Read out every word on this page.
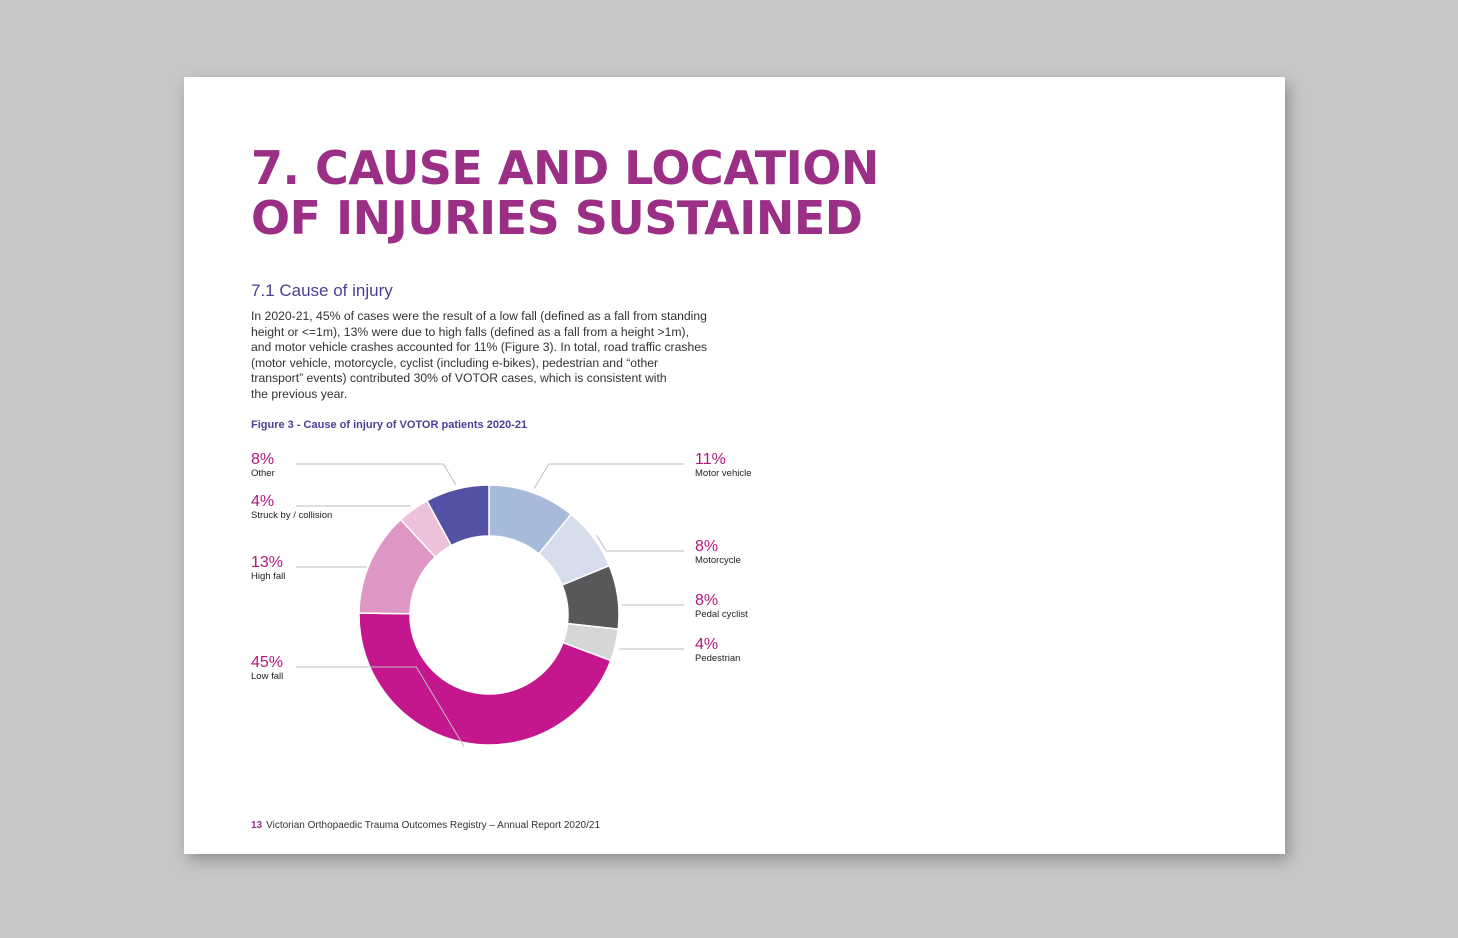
7. CAUSE AND LOCATION
OF INJURIES SUSTAINED
7.1 Cause of injury
In 2020-21, 45% of cases were the result of a low fall (defined as a fall from standing
height or <=1m), 13% were due to high falls (defined as a fall from a height >1m),
and motor vehicle crashes accounted for 11% (Figure 3). In total, road traffic crashes
(motor vehicle, motorcycle, cyclist (including e-bikes), pedestrian and “other
transport” events) contributed 30% of VOTOR cases, which is consistent with
the previous year.
Figure 3 - Cause of injury of VOTOR patients 2020-21
11%
Motor vehicle
8%
Motorcycle
8%
Pedal cyclist
4%
Pedestrian
45%
Low fall
13%
High fall
4%
Struck by / collision
8%
Other
13 Victorian Orthopaedic Trauma Outcomes Registry – Annual Report 2020/21
